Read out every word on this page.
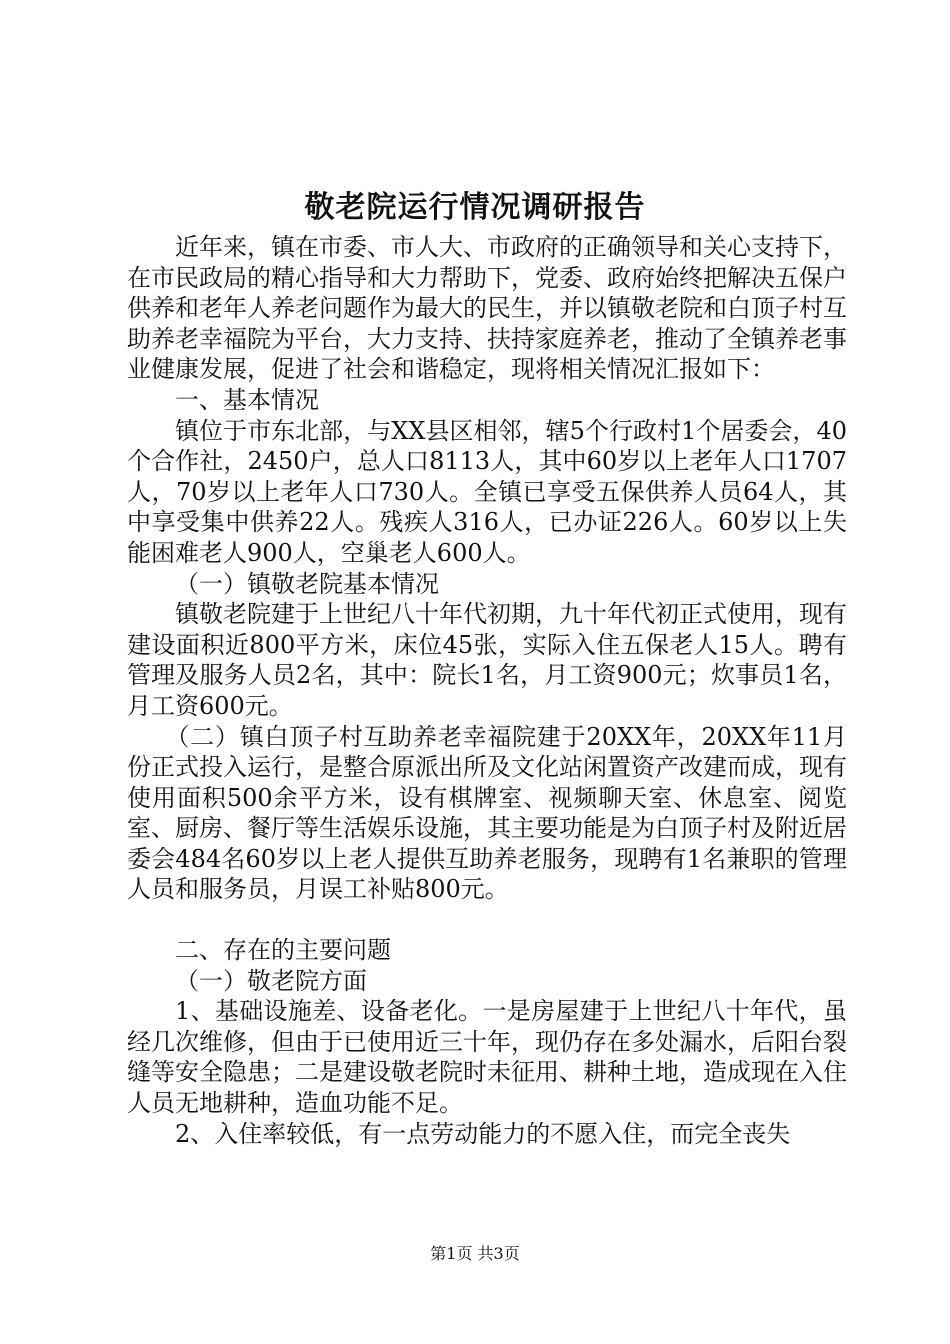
敬老院运行情况调研报告

近年来，镇在市委、市人大、市政府的正确领导和关心支持下，在市民政局的精心指导和大力帮助下，党委、政府始终把解决五保户供养和老年人养老问题作为最大的民生，并以镇敬老院和白顶子村互助养老幸福院为平台，大力支持、扶持家庭养老，推动了全镇养老事业健康发展，促进了社会和谐稳定，现将相关情况汇报如下：

一、基本情况

镇位于市东北部，与XX县区相邻，辖5个行政村1个居委会，40个合作社，2450户，总人口8113人，其中60岁以上老年人口1707人，70岁以上老年人口730人。全镇已享受五保供养人员64人，其中享受集中供养22人。残疾人316人，已办证226人。60岁以上失能困难老人900人，空巢老人600人。

（一）镇敬老院基本情况

镇敬老院建于上世纪八十年代初期，九十年代初正式使用，现有建设面积近800平方米，床位45张，实际入住五保老人15人。聘有管理及服务人员2名，其中：院长1名，月工资900元；炊事员1名，月工资600元。

（二）镇白顶子村互助养老幸福院建于20XX年，20XX年11月份正式投入运行，是整合原派出所及文化站闲置资产改建而成，现有使用面积500余平方米，设有棋牌室、视频聊天室、休息室、阅览室、厨房、餐厅等生活娱乐设施，其主要功能是为白顶子村及附近居委会484名60岁以上老人提供互助养老服务，现聘有1名兼职的管理人员和服务员，月误工补贴800元。

二、存在的主要问题

（一）敬老院方面

1、基础设施差、设备老化。一是房屋建于上世纪八十年代，虽经几次维修，但由于已使用近三十年，现仍存在多处漏水，后阳台裂缝等安全隐患；二是建设敬老院时未征用、耕种土地，造成现在入住人员无地耕种，造血功能不足。

2、入住率较低，有一点劳动能力的不愿入住，而完全丧失

第1页 共3页
